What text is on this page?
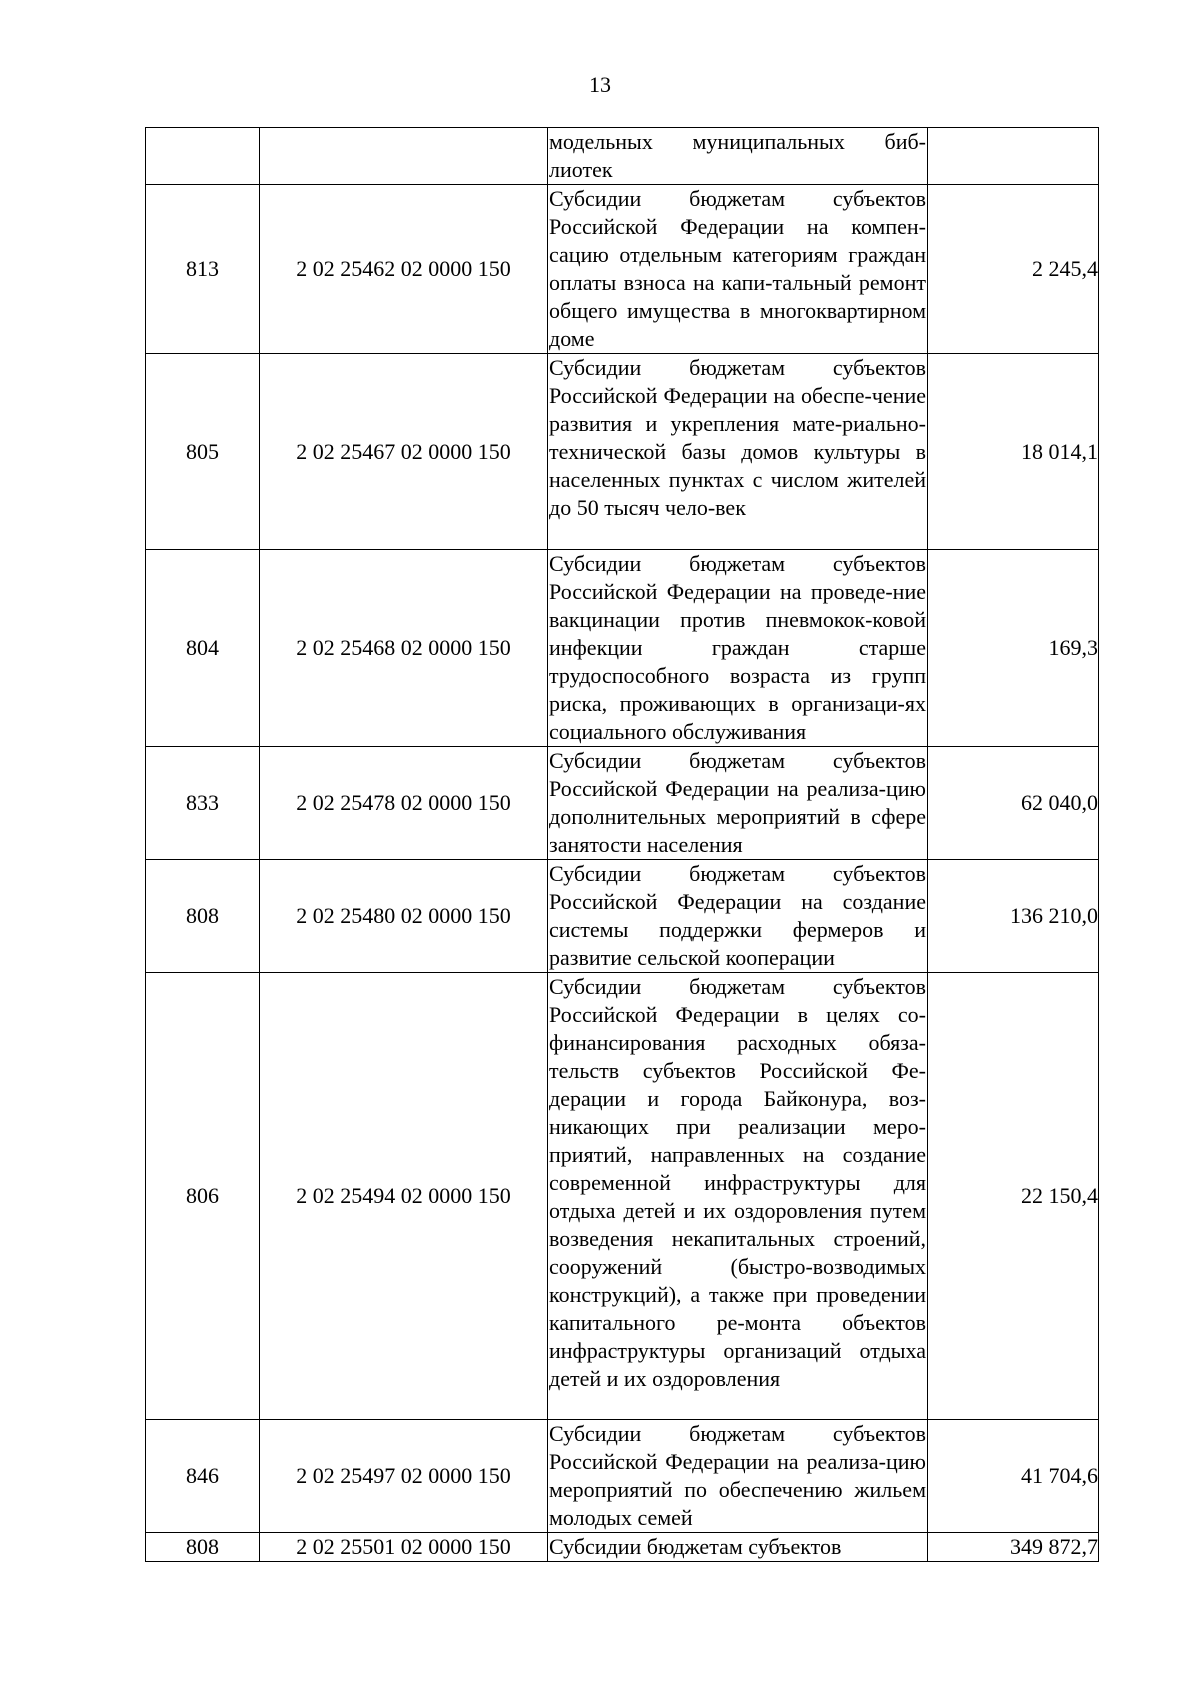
13

		модельных муниципальных биб- лиотек	

813	2 02 25462 02 0000 150	Субсидии бюджетам субъектов Российской Федерации на компен-сацию отдельным категориям граждан оплаты взноса на капи-тальный ремонт общего имущества в многоквартирном доме	2 245,4

805	2 02 25467 02 0000 150	Субсидии бюджетам субъектов Российской Федерации на обеспе-чение развития и укрепления мате-риально-технической базы домов культуры в населенных пунктах с числом жителей до 50 тысяч чело-век	18 014,1

804	2 02 25468 02 0000 150	Субсидии бюджетам субъектов Российской Федерации на проведе-ние вакцинации против пневмокок-ковой инфекции граждан старше трудоспособного возраста из групп риска, проживающих в организаци-ях социального обслуживания	169,3

833	2 02 25478 02 0000 150	Субсидии бюджетам субъектов Российской Федерации на реализа-цию дополнительных мероприятий в сфере занятости населения	62 040,0

808	2 02 25480 02 0000 150	Субсидии бюджетам субъектов Российской Федерации на создание системы поддержки фермеров и развитие сельской кооперации	136 210,0

806	2 02 25494 02 0000 150	Субсидии бюджетам субъектов Российской Федерации в целях со-финансирования расходных обяза-тельств субъектов Российской Фе-дерации и города Байконура, воз-никающих при реализации меро-приятий, направленных на создание современной инфраструктуры для отдыха детей и их оздоровления путем возведения некапитальных строений, сооружений (быстро-возводимых конструкций), а также при проведении капитального ре-монта объектов инфраструктуры организаций отдыха детей и их оздоровления	22 150,4

846	2 02 25497 02 0000 150	Субсидии бюджетам субъектов Российской Федерации на реализа-цию мероприятий по обеспечению жильем молодых семей	41 704,6

808	2 02 25501 02 0000 150	Субсидии бюджетам субъектов	349 872,7
